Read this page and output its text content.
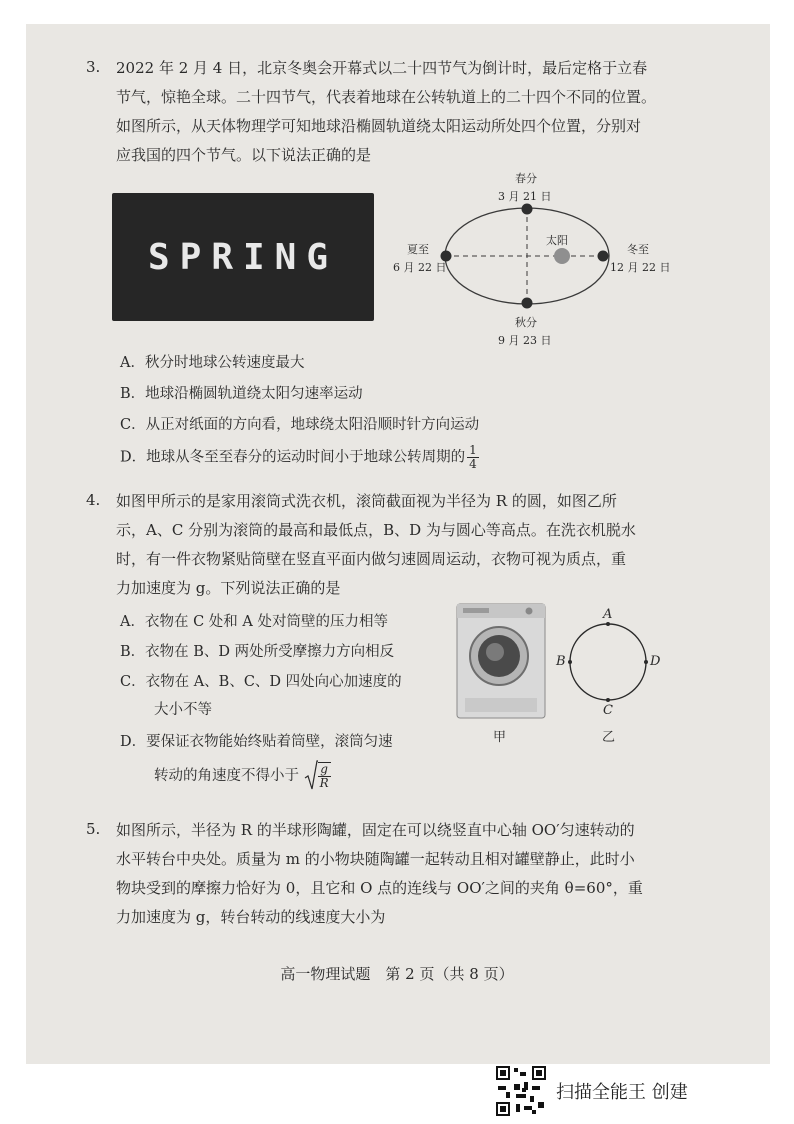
3. 2022 年 2 月 4 日，北京冬奥会开幕式以二十四节气为倒计时，最后定格于立春
节气，惊艳全球。二十四节气，代表着地球在公转轨道上的二十四个不同的位置。
如图所示，从天体物理学可知地球沿椭圆轨道绕太阳运动所处四个位置，分别对
应我国的四个节气。以下说法正确的是
SPRING
春分
3 月 21 日
夏至
6 月 22 日
太阳
冬至
12 月 22 日
秋分
9 月 23 日
A．秋分时地球公转速度最大
B．地球沿椭圆轨道绕太阳匀速率运动
C．从正对纸面的方向看，地球绕太阳沿顺时针方向运动
D．地球从冬至至春分的运动时间小于地球公转周期的 $\frac{1}{4}$
4. 如图甲所示的是家用滚筒式洗衣机，滚筒截面视为半径为 R 的圆，如图乙所
示，A、C 分别为滚筒的最高和最低点，B、D 为与圆心等高点。在洗衣机脱水
时，有一件衣物紧贴筒壁在竖直平面内做匀速圆周运动，衣物可视为质点，重
力加速度为 g。下列说法正确的是
A．衣物在 C 处和 A 处对筒壁的压力相等
B．衣物在 B、D 两处所受摩擦力方向相反
C．衣物在 A、B、C、D 四处向心加速度的
大小不等
D．要保证衣物能始终贴着筒壁，滚筒匀速
转动的角速度不得小于 $\frac{g}{R}$
甲
A
B
C
D
乙
5. 如图所示，半径为 R 的半球形陶罐，固定在可以绕竖直中心轴 OO′匀速转动的
水平转台中央处。质量为 m 的小物块随陶罐一起转动且相对罐壁静止，此时小
物块受到的摩擦力恰好为 0，且它和 O 点的连线与 OO′之间的夹角 θ=60°，重
力加速度为 g，转台转动的线速度大小为
高一物理试题　第 2 页（共 8 页）
扫描全能王 创建
